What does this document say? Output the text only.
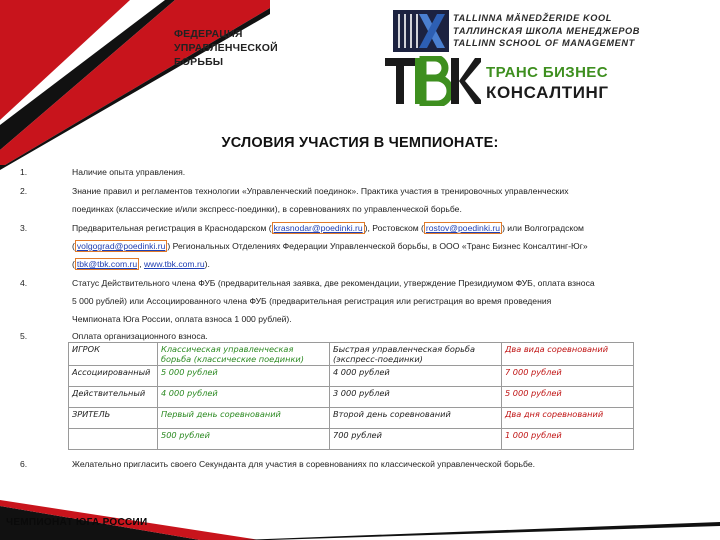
ФЕДЕРАЦИЯ
УПРАВЛЕНЧЕСКОЙ
БОРЬБЫ
TALLINNA MÄNEDŽERIDE KOOL
ТАЛЛИНСКАЯ ШКОЛА МЕНЕДЖЕРОВ
TALLINN SCHOOL OF MANAGEMENT
ТРАНС БИЗНЕС
КОНСАЛТИНГ
УСЛОВИЯ УЧАСТИЯ В ЧЕМПИОНАТЕ:
1.	Наличие опыта управления.
2.	Знание правил и регламентов технологии «Управленческий поединок». Практика участия в тренировочных управленческих
поединках (классические и/или экспресс-поединки), в соревнованиях по управленческой борьбе.
3.	Предварительная регистрация в Краснодарском ( krasnodar@poedinki.ru ), Ростовском ( rostov@poedinki.ru ) или Волгоградском
( volgograd@poedinki.ru ) Региональных Отделениях Федерации Управленческой борьбы, в ООО «Транс Бизнес Консалтинг-Юг»
( tbk@tbk.com.ru , www.tbk.com.ru).
4.	Статус Действительного члена ФУБ (предварительная заявка, две рекомендации, утверждение Президиумом ФУБ, оплата взноса
5 000 рублей) или Ассоциированного члена ФУБ (предварительная регистрация или регистрация во время проведения
Чемпионата Юга России, оплата взноса 1 000 рублей).
5.	Оплата организационного взноса.
ИГРОК	Классическая управленческая борьба (классические поединки)	Быстрая управленческая борьба (экспресс-поединки)	Два вида соревнований
Ассоциированный	5 000 рублей	4 000 рублей	7 000 рублей
Действительный	4 000 рублей	3 000 рублей	5 000 рублей
ЗРИТЕЛЬ	Первый день соревнований	Второй день соревнований	Два дня соревнований
	500 рублей	700 рублей	1 000 рублей
6.	Желательно пригласить своего Секунданта для участия в соревнованиях по классической управленческой борьбе.
ЧЕМПИОНАТ ЮГА РОССИИ
